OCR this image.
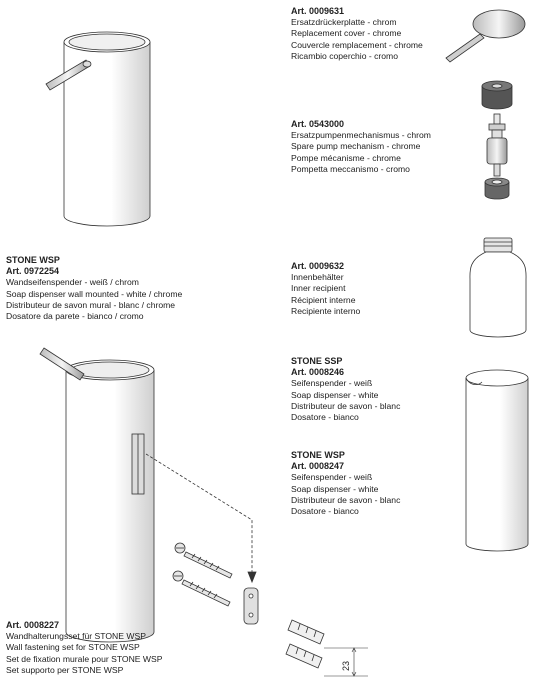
Art. 0009631
Ersatzdrückerplatte - chrom
Replacement cover - chrome
Couvercle remplacement - chrome
Ricambio coperchio - cromo
Art. 0543000
Ersatzpumpenmechanismus - chrom
Spare pump mechanism - chrome
Pompe mécanisme - chrome
Pompetta meccanismo - cromo
STONE WSP
Art. 0972254
Wandseifenspender - weiß / chrom
Soap dispenser wall mounted - white / chrome
Distributeur de savon mural - blanc / chrome
Dosatore da parete - bianco / cromo
Art. 0009632
Innenbehälter
Inner recipient
Récipient interne
Recipiente interno
STONE SSP
Art. 0008246
Seifenspender - weiß
Soap dispenser - white
Distributeur de savon - blanc
Dosatore - bianco
STONE WSP
Art. 0008247
Seifenspender - weiß
Soap dispenser - white
Distributeur de savon - blanc
Dosatore - bianco
Art. 0008227
Wandhalterungsset für STONE WSP
Wall fastening set for STONE WSP
Set de fixation murale pour STONE WSP
Set supporto per STONE WSP	23
